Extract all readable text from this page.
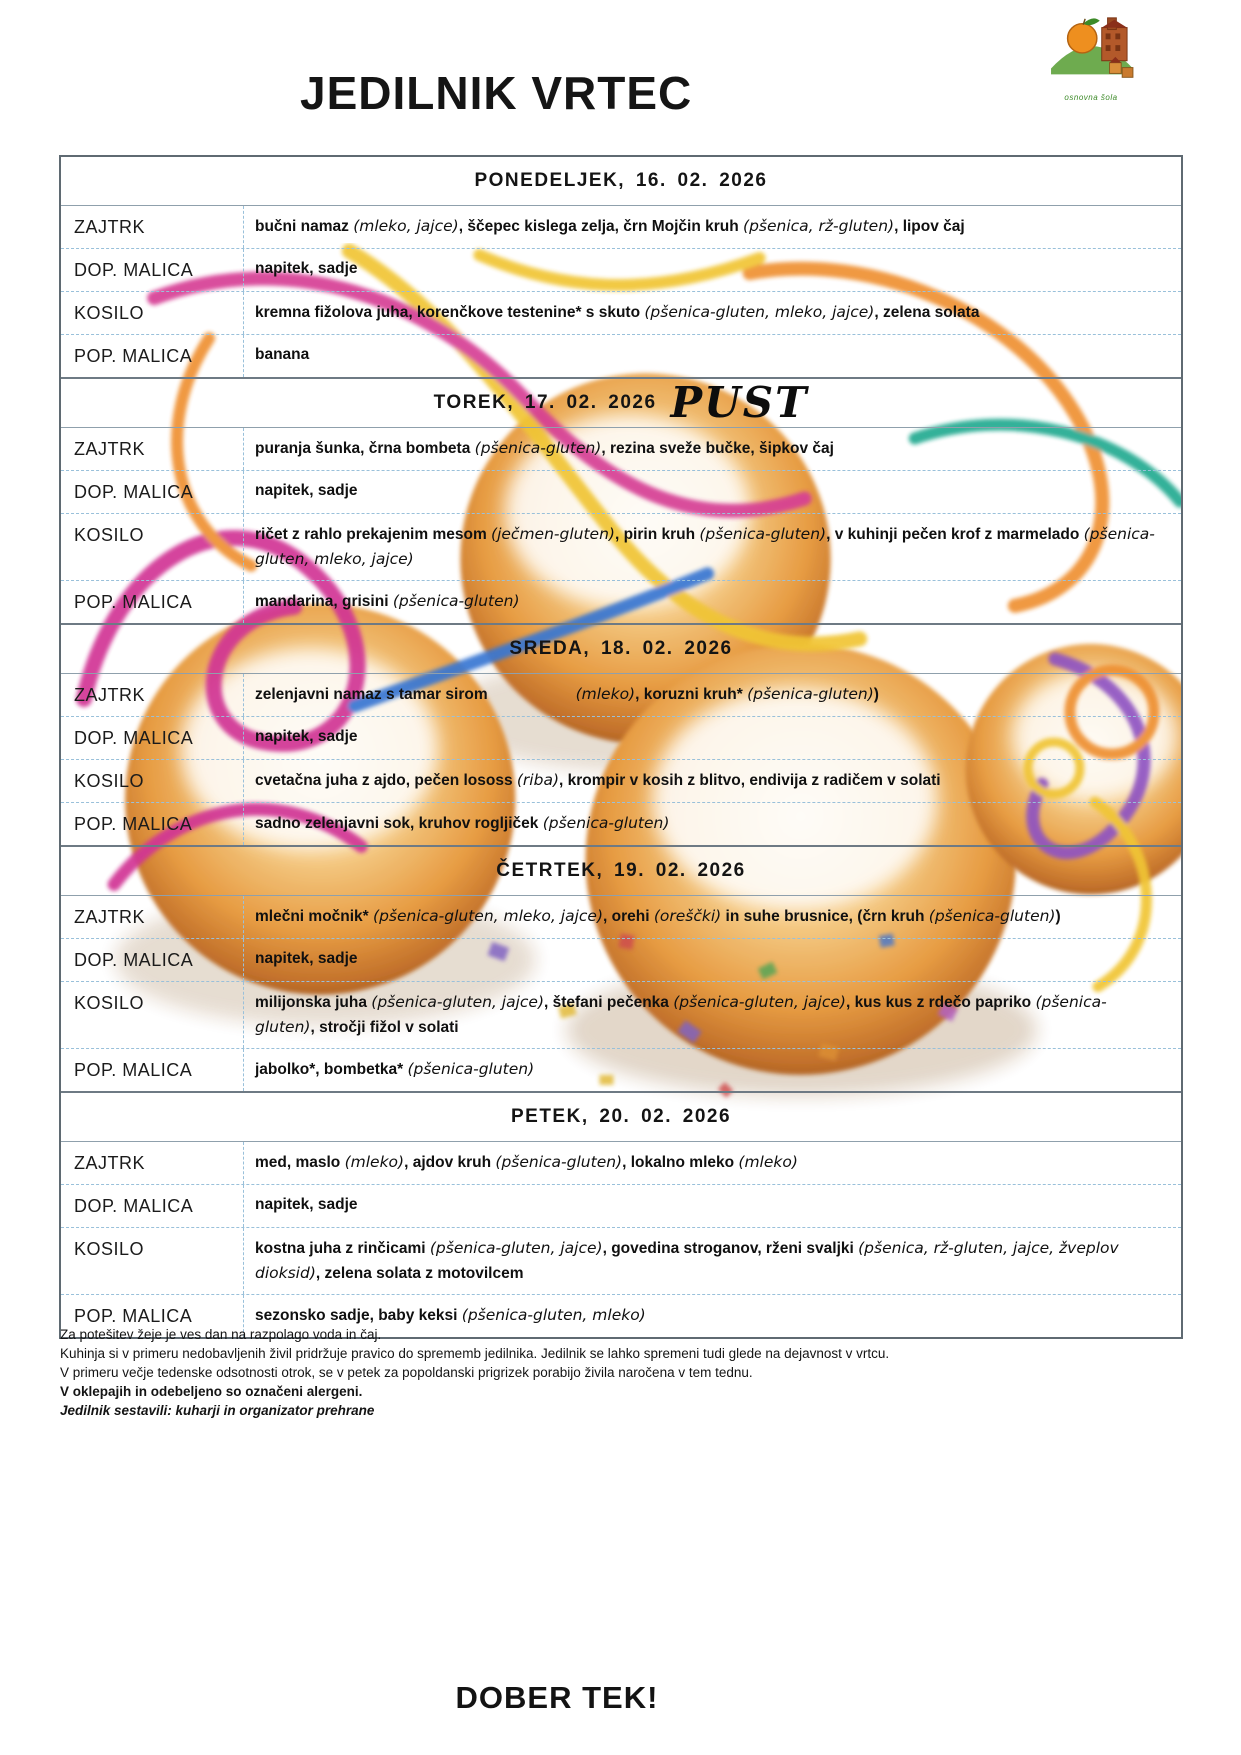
osnovna šola
JEDILNIK VRTEC
PONEDELJEK, 16. 02. 2026
ZAJTRK	bučni namaz (mleko, jajce), ščepec kislega zelja, črn Mojčin kruh (pšenica, rž-gluten), lipov čaj
DOP. MALICA	napitek, sadje
KOSILO	kremna fižolova juha, korenčkove testenine* s skuto (pšenica-gluten, mleko, jajce), zelena solata
POP. MALICA	banana
TOREK, 17. 02. 2026 PUST
ZAJTRK	puranja šunka, črna bombeta (pšenica-gluten), rezina sveže bučke, šipkov čaj
DOP. MALICA	napitek, sadje
KOSILO	ričet z rahlo prekajenim mesom (ječmen-gluten), pirin kruh (pšenica-gluten), v kuhinji pečen krof z marmelado (pšenica-gluten, mleko, jajce)
POP. MALICA	mandarina, grisini (pšenica-gluten)
SREDA, 18. 02. 2026
ZAJTRK	zelenjavni namaz s tamar sirom	(mleko), koruzni kruh* (pšenica-gluten))
DOP. MALICA	napitek, sadje
KOSILO	cvetačna juha z ajdo, pečen lososs (riba), krompir v kosih z blitvo, endivija z radičem v solati
POP. MALICA	sadno zelenjavni sok, kruhov rogljiček (pšenica-gluten)
ČETRTEK, 19. 02. 2026
ZAJTRK	mlečni močnik* (pšenica-gluten, mleko, jajce), orehi (oreščki) in suhe brusnice, (črn kruh (pšenica-gluten))
DOP. MALICA	napitek, sadje
KOSILO	milijonska juha (pšenica-gluten, jajce), štefani pečenka (pšenica-gluten, jajce), kus kus z rdečo papriko (pšenica-gluten), stročji fižol v solati
POP. MALICA	jabolko*, bombetka* (pšenica-gluten)
PETEK, 20. 02. 2026
ZAJTRK	med, maslo (mleko), ajdov kruh (pšenica-gluten), lokalno mleko (mleko)
DOP. MALICA	napitek, sadje
KOSILO	kostna juha z rinčicami (pšenica-gluten, jajce), govedina stroganov, rženi svaljki (pšenica, rž-gluten, jajce, žveplov dioksid), zelena solata z motovilcem
POP. MALICA	sezonsko sadje, baby keksi (pšenica-gluten, mleko)
Za potešitev žeje je ves dan na razpolago voda in čaj.
Kuhinja si v primeru nedobavljenih živil pridržuje pravico do sprememb jedilnika. Jedilnik se lahko spremeni tudi glede na dejavnost v vrtcu.
V primeru večje tedenske odsotnosti otrok, se v petek za popoldanski prigrizek porabijo živila naročena v tem tednu.
V oklepajih in odebeljeno so označeni alergeni.
Jedilnik sestavili: kuharji in organizator prehrane
DOBER TEK!
